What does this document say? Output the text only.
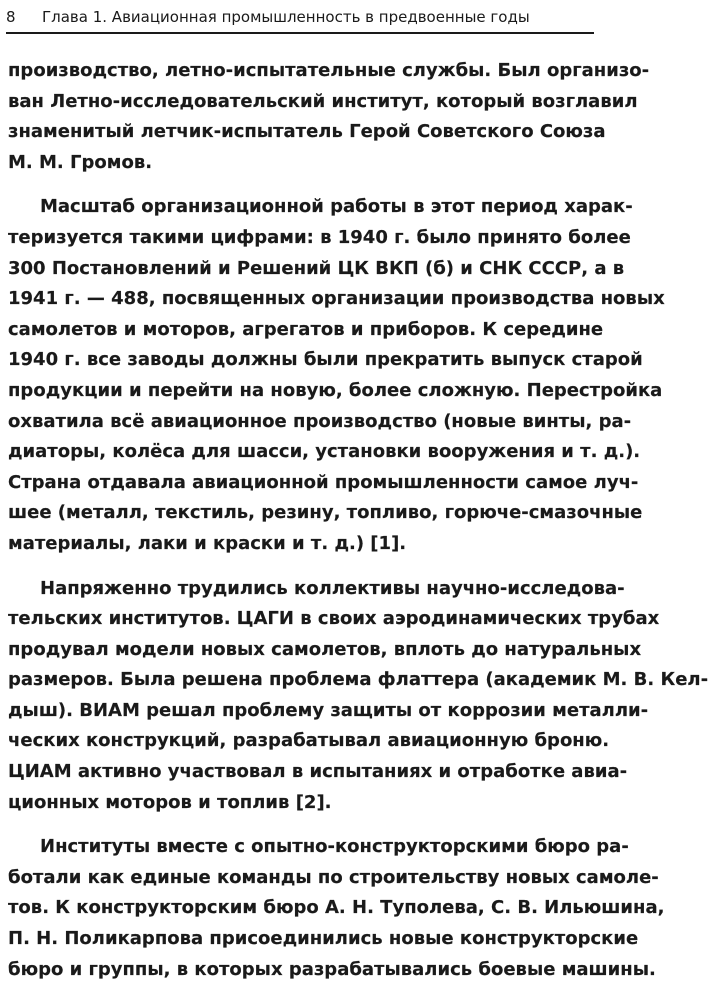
8	Глава 1. Авиационная промышленность в предвоенные годы
производство, летно-испытательные службы. Был организо-
ван Летно-исследовательский институт, который возглавил
знаменитый летчик-испытатель Герой Советского Союза
М. М. Громов.
Масштаб организационной работы в этот период харак-
теризуется такими цифрами: в 1940 г. было принято более
300 Постановлений и Решений ЦК ВКП (б) и СНК СССР, а в
1941 г. — 488, посвященных организации производства новых
самолетов и моторов, агрегатов и приборов. К середине
1940 г. все заводы должны были прекратить выпуск старой
продукции и перейти на новую, более сложную. Перестройка
охватила всё авиационное производство (новые винты, ра-
диаторы, колёса для шасси, установки вооружения и т. д.).
Страна отдавала авиационной промышленности самое луч-
шее (металл, текстиль, резину, топливо, горюче-смазочные
материалы, лаки и краски и т. д.) [1].
Напряженно трудились коллективы научно-исследова-
тельских институтов. ЦАГИ в своих аэродинамических трубах
продувал модели новых самолетов, вплоть до натуральных
размеров. Была решена проблема флаттера (академик М. В. Кел-
дыш). ВИАМ решал проблему защиты от коррозии металли-
ческих конструкций, разрабатывал авиационную броню.
ЦИАМ активно участвовал в испытаниях и отработке авиа-
ционных моторов и топлив [2].
Институты вместе с опытно-конструкторскими бюро ра-
ботали как единые команды по строительству новых самоле-
тов. К конструкторским бюро А. Н. Туполева, С. В. Ильюшина,
П. Н. Поликарпова присоединились новые конструкторские
бюро и группы, в которых разрабатывались боевые машины.
